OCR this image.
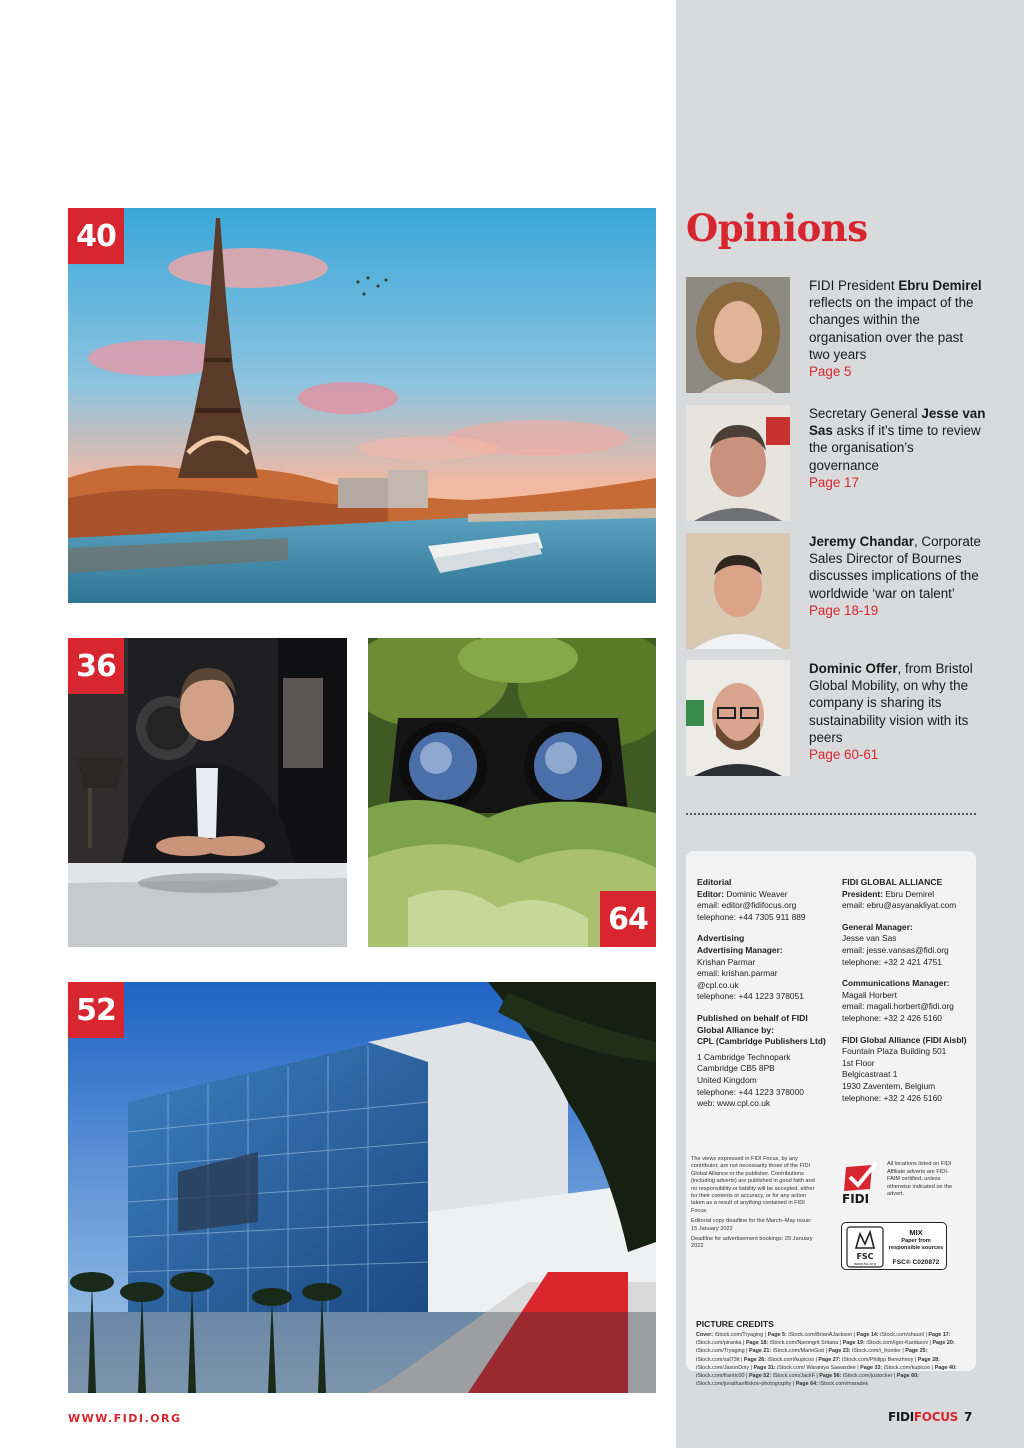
40
36
64
52
Opinions
FIDI President Ebru Demirel reflects on the impact of the changes within the organisation over the past two years
Page 5
Secretary General Jesse van Sas asks if it’s time to review the organisation’s governance
Page 17
Jeremy Chandar, Corporate Sales Director of Bournes discusses implications of the worldwide ‘war on talent’
Page 18-19
Dominic Offer, from Bristol Global Mobility, on why the company is sharing its sustainability vision with its peers
Page 60-61
Editorial
Editor: Dominic Weaver
email: editor@fidifocus.org
telephone: +44 7305 911 889
Advertising
Advertising Manager:
Krishan Parmar
email: krishan.parmar
@cpl.co.uk
telephone: +44 1223 378051
Published on behalf of FIDI
Global Alliance by:
CPL (Cambridge Publishers Ltd)
1 Cambridge Technopark
Cambridge CB5 8PB
United Kingdom
telephone: +44 1223 378000
web: www.cpl.co.uk
FIDI GLOBAL ALLIANCE
President: Ebru Demirel
email: ebru@asyanakliyat.com
General Manager:
Jesse van Sas
email: jesse.vansas@fidi.org
telephone: +32 2 421 4751
Communications Manager:
Magali Horbert
email: magali.horbert@fidi.org
telephone: +32 2 426 5160
FIDI Global Alliance (FIDI Aisbl)
Fountain Plaza Building 501
1st Floor
Belgicastraat 1
1930 Zaventem, Belgium
telephone: +32 2 426 5160
The views expressed in FIDI Focus, by any contributor, are not necessarily those of the FIDI Global Alliance or the publisher. Contributions (including adverts) are published in good faith and no responsibility or liability will be accepted, either for their contents or accuracy, or for any action taken as a result of anything contained in FIDI Focus
Editorial copy deadline for the March–May issue: 15 January 2022
Deadline for advertisement bookings: 29 January 2022
FIDI
All locations listed on FIDI Affiliate adverts are FIDI-FAIM certified, unless otherwise indicated on the advert.
FSC
www.fsc.org
MIX
Paper from
responsible sources
FSC® C020872
PICTURE CREDITS
Cover: iStock.com/Tryaging | Page 5: iStock.com/BrianAJackson | Page 14: iStock.com/shaunl | Page 17: iStock.com/piranka | Page 18: iStock.com/Narongrit Sritana | Page 19: iStock.com/Igor-Kardasov | Page 20: iStock.com/Tryaging | Page 21: iStock.com/MarioGuti | Page 23: iStock.com/i_frontier | Page 25: iStock.com/sal73it | Page 26: iStock.com/kupicoo | Page 27: iStock.com/Philipp Berezhnoy | Page 28: iStock.com/JasonDoiy | Page 31: iStock.com/ Waraniya Sawasdee | Page 33: iStock.com/kupicoo | Page 40: iStock.com/frantic00 | Page 52: iStock.com/JackF | Page 56: iStock.com/justocker | Page 60: iStock.com/jonathanfilskov-photography | Page 64: iStock.com/maradek
WWW.FIDI.ORG	FIDIFOCUS 7
